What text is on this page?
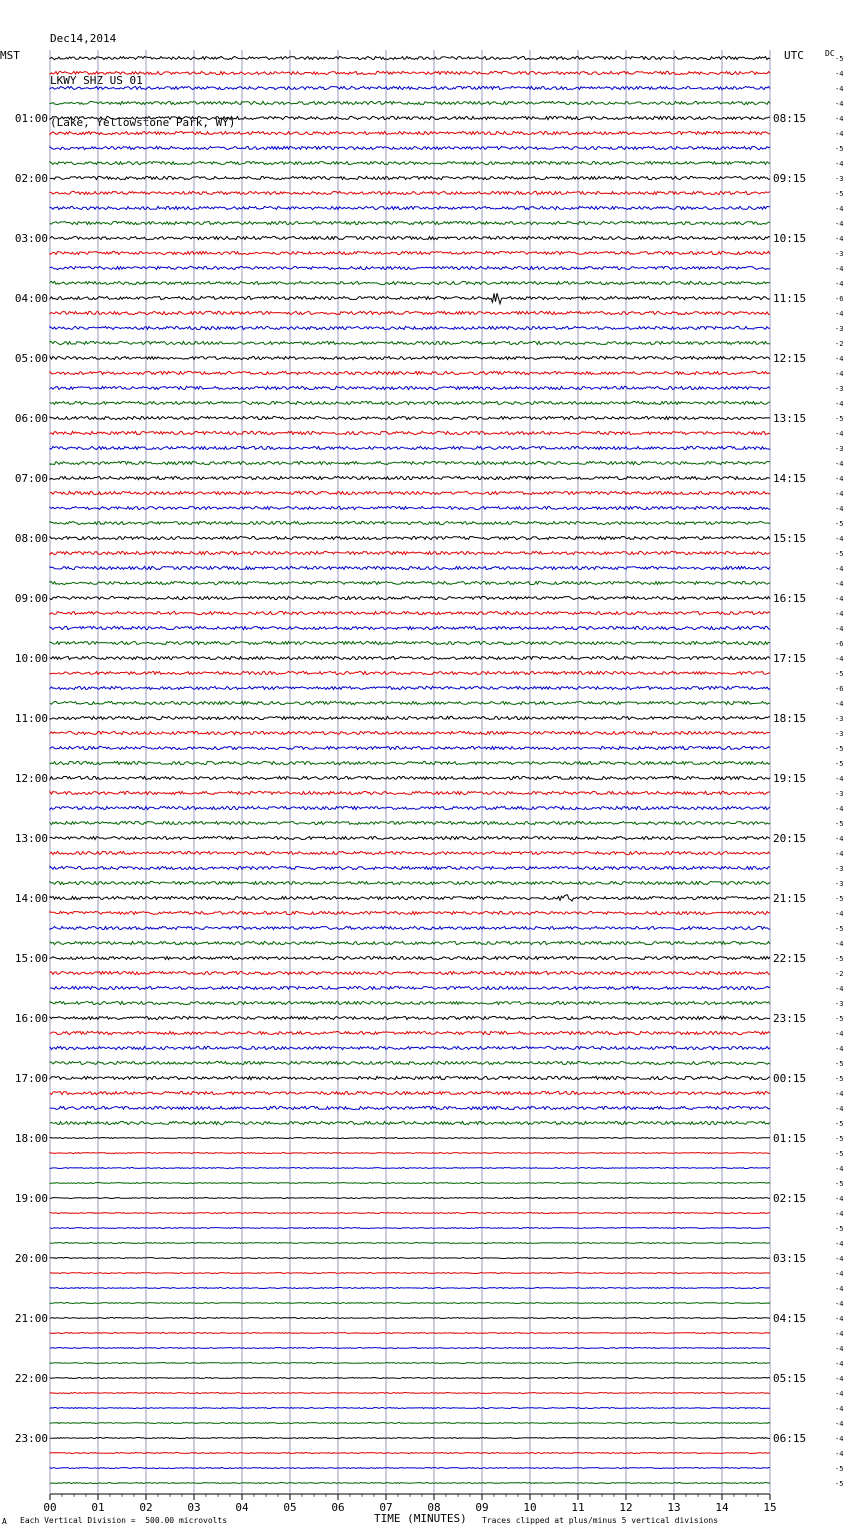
Dec14,2014

LKWY SHZ US 01

(Lake, Yellowstone Park, WY)

MST	UTC	DC
-5
-4
-4
-4
-4
-4
-5
-4
-3
-5
-4
-4
-4
-3
-4
-4
-6
-4
-3
-2
-4
-4
-3
-4
-5
-4
-3
-4
-4
-4
-4
-5
-4
-5
-4
-4
-4
-4
-4
-6
-4
-5
-6
-4
-3
-3
-5
-5
-4
-3
-4
-5
-4
-4
-3
-3
-5
-4
-5
-4
-5
-2
-4
-3
-5
-4
-4
-5
-5
-4
-4
-5
-5
-5
-4
-5
-4
-4
-5
-4
-4
-4
-4
-4
-4
-4
-4
-4
-4
-4
-4
-4
-4
-4
-5
-5
01:00	08:15
02:00	09:15
03:00	10:15
04:00	11:15
05:00	12:15
06:00	13:15
07:00	14:15
08:00	15:15
09:00	16:15
10:00	17:15
11:00	18:15
12:00	19:15
13:00	20:15
14:00	21:15
15:00	22:15
16:00	23:15
17:00	00:15
18:00	01:15
19:00	02:15
20:00	03:15
21:00	04:15
22:00	05:15
23:00	06:15
00	01	02	03	04	05	06	07	08	09	10	11	12	13	14	15
A Each Vertical Division =  500.00 microvolts	TIME (MINUTES) Traces clipped at plus/minus 5 vertical divisions
